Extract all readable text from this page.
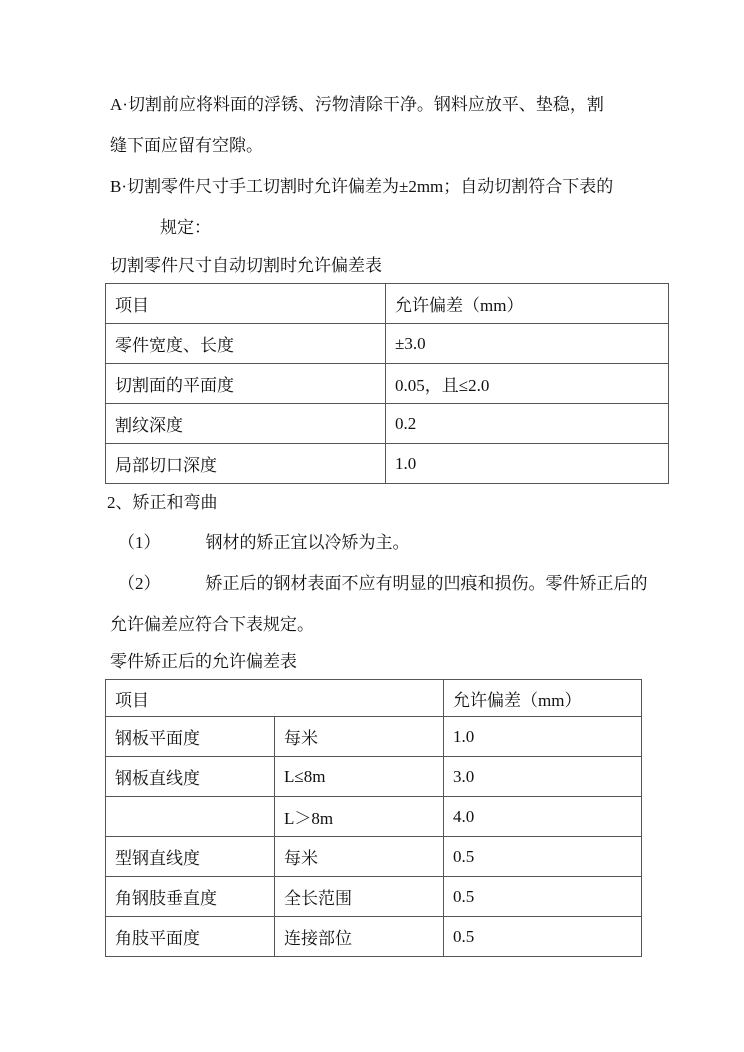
A·切割前应将料面的浮锈、污物清除干净。钢料应放平、垫稳，割
缝下面应留有空隙。
B·切割零件尺寸手工切割时允许偏差为±2mm；自动切割符合下表的
规定：
切割零件尺寸自动切割时允许偏差表
项目	允许偏差（mm）
零件宽度、长度	±3.0
切割面的平面度	0.05，且≤2.0
割纹深度	0.2
局部切口深度	1.0
2、矫正和弯曲
（1）	钢材的矫正宜以冷矫为主。
（2）	矫正后的钢材表面不应有明显的凹痕和损伤。零件矫正后的
允许偏差应符合下表规定。
零件矫正后的允许偏差表
项目		允许偏差（mm）
钢板平面度	每米	1.0
钢板直线度	L≤8m	3.0
	L＞8m	4.0
型钢直线度	每米	0.5
角钢肢垂直度	全长范围	0.5
角肢平面度	连接部位	0.5
